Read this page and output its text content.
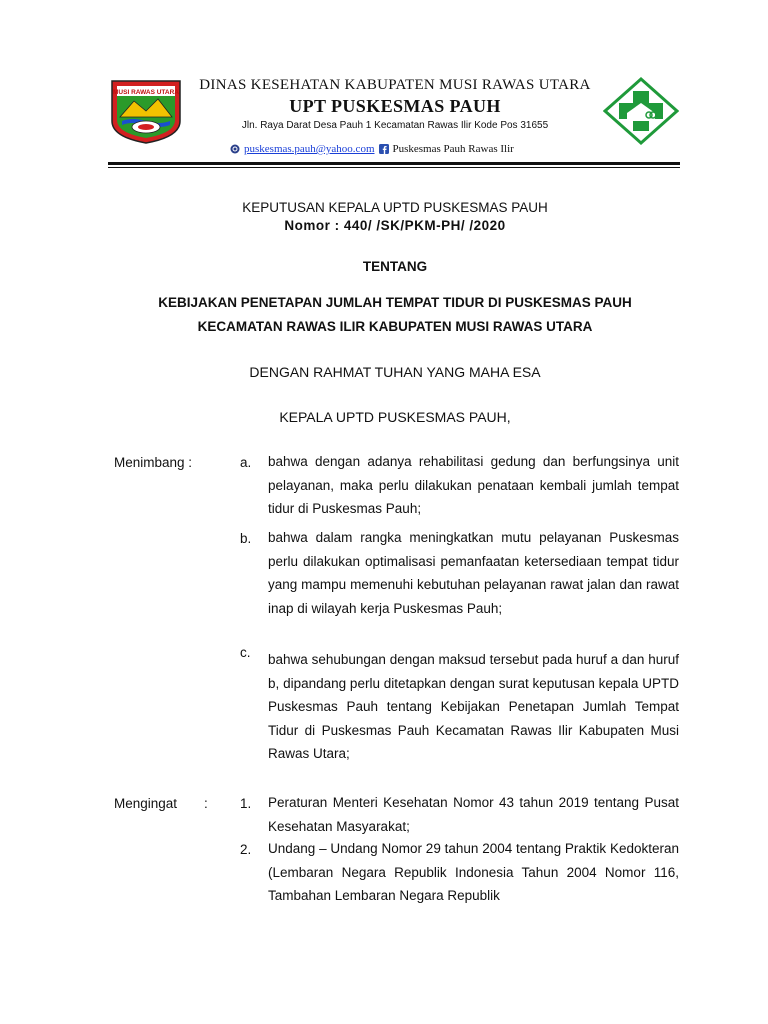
MUSI RAWAS UTARA	DINAS KESEHATAN KABUPATEN MUSI RAWAS UTARA
UPT PUSKESMAS PAUH
Jln. Raya Darat Desa Pauh 1 Kecamatan Rawas Ilir Kode Pos 31655
puskesmas.pauh@yahoo.com Puskesmas Pauh Rawas Ilir
KEPUTUSAN KEPALA UPTD PUSKESMAS PAUH
Nomor : 440/ /SK/PKM-PH/ /2020
TENTANG
KEBIJAKAN PENETAPAN JUMLAH TEMPAT TIDUR DI PUSKESMAS PAUH
KECAMATAN RAWAS ILIR KABUPATEN MUSI RAWAS UTARA
DENGAN RAHMAT TUHAN YANG MAHA ESA
KEPALA UPTD PUSKESMAS PAUH,
Menimbang :	a. bahwa dengan adanya rehabilitasi gedung dan berfungsinya unit pelayanan, maka perlu dilakukan penataan kembali jumlah tempat tidur di Puskesmas Pauh;
b. bahwa dalam rangka meningkatkan mutu pelayanan Puskesmas perlu dilakukan optimalisasi pemanfaatan ketersediaan tempat tidur yang mampu memenuhi kebutuhan pelayanan rawat jalan dan rawat inap di wilayah kerja Puskesmas Pauh;
c. bahwa sehubungan dengan maksud tersebut pada huruf a dan huruf b, dipandang perlu ditetapkan dengan surat keputusan kepala UPTD Puskesmas Pauh tentang Kebijakan Penetapan Jumlah Tempat Tidur di Puskesmas Pauh Kecamatan Rawas Ilir Kabupaten Musi Rawas Utara;
Mengingat : 1. Peraturan Menteri Kesehatan Nomor 43 tahun 2019 tentang Pusat Kesehatan Masyarakat;
2. Undang – Undang Nomor 29 tahun 2004 tentang Praktik Kedokteran (Lembaran Negara Republik Indonesia Tahun 2004 Nomor 116, Tambahan Lembaran Negara Republik
